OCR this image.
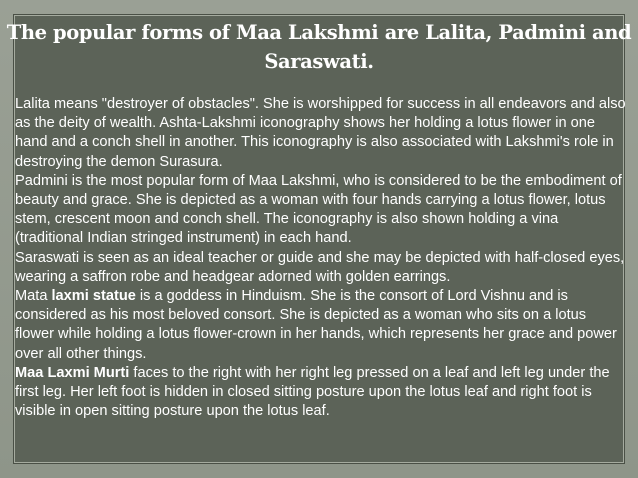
The popular forms of Maa Lakshmi are Lalita, Padmini and
Saraswati.

Lalita means "destroyer of obstacles". She is worshipped for success in all endeavors and also as the deity of wealth. Ashta-Lakshmi iconography shows her holding a lotus flower in one hand and a conch shell in another. This iconography is also associated with Lakshmi's role in destroying the demon Surasura.

Padmini is the most popular form of Maa Lakshmi, who is considered to be the embodiment of beauty and grace. She is depicted as a woman with four hands carrying a lotus flower, lotus stem, crescent moon and conch shell. The iconography is also shown holding a vina (traditional Indian stringed instrument) in each hand.

Saraswati is seen as an ideal teacher or guide and she may be depicted with half-closed eyes, wearing a saffron robe and headgear adorned with golden earrings.

Mata laxmi statue is a goddess in Hinduism. She is the consort of Lord Vishnu and is considered as his most beloved consort. She is depicted as a woman who sits on a lotus flower while holding a lotus flower-crown in her hands, which represents her grace and power over all other things.

Maa Laxmi Murti faces to the right with her right leg pressed on a leaf and left leg under the first leg. Her left foot is hidden in closed sitting posture upon the lotus leaf and right foot is visible in open sitting posture upon the lotus leaf.
